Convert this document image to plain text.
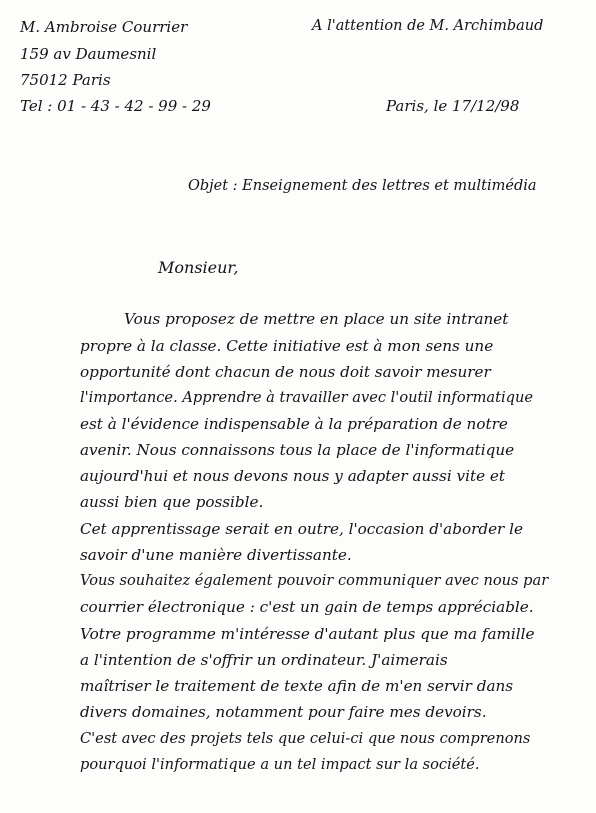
M. Ambroise Courrier
159 av Daumesnil
75012 Paris
Tel : 01 - 43 - 42 - 99 - 29
A l'attention de M. Archimbaud
Paris, le 17/12/98
Objet : Enseignement des lettres et multimédia
Monsieur,
Vous proposez de mettre en place un site intranet
propre à la classe. Cette initiative est à mon sens une
opportunité dont chacun de nous doit savoir mesurer
l'importance. Apprendre à travailler avec l'outil informatique
est à l'évidence indispensable à la préparation de notre
avenir. Nous connaissons tous la place de l'informatique
aujourd'hui et nous devons nous y adapter aussi vite et
aussi bien que possible.
Cet apprentissage serait en outre, l'occasion d'aborder le
savoir d'une manière divertissante.
Vous souhaitez également pouvoir communiquer avec nous par
courrier électronique : c'est un gain de temps appréciable.
Votre programme m'intéresse d'autant plus que ma famille
a l'intention de s'offrir un ordinateur. J'aimerais
maîtriser le traitement de texte afin de m'en servir dans
divers domaines, notamment pour faire mes devoirs.
C'est avec des projets tels que celui-ci que nous comprenons
pourquoi l'informatique a un tel impact sur la société.
